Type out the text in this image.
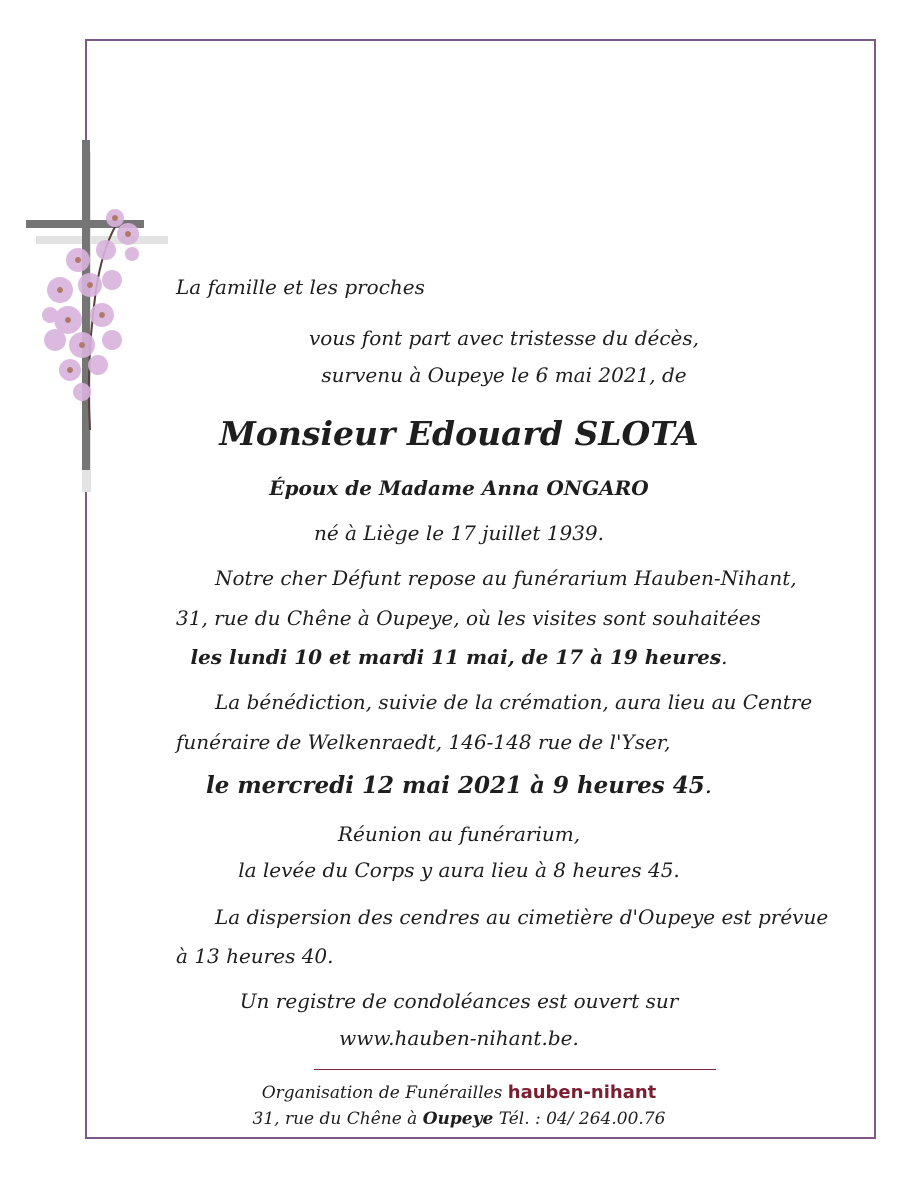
La famille et les proches
vous font part avec tristesse du décès,
survenu à Oupeye le 6 mai 2021, de
Monsieur Edouard SLOTA
Époux de Madame Anna ONGARO
né à Liège le 17 juillet 1939.
Notre cher Défunt repose au funérarium Hauben-Nihant,
31, rue du Chêne à Oupeye, où les visites sont souhaitées
les lundi 10 et mardi 11 mai, de 17 à 19 heures.
La bénédiction, suivie de la crémation, aura lieu au Centre
funéraire de Welkenraedt, 146-148 rue de l'Yser,
le mercredi 12 mai 2021 à 9 heures 45.
Réunion au funérarium,
la levée du Corps y aura lieu à 8 heures 45.
La dispersion des cendres au cimetière d'Oupeye est prévue
à 13 heures 40.
Un registre de condoléances est ouvert sur
www.hauben-nihant.be.
Organisation de Funérailles hauben-nihant
31, rue du Chêne à Oupeye Tél. : 04/ 264.00.76
